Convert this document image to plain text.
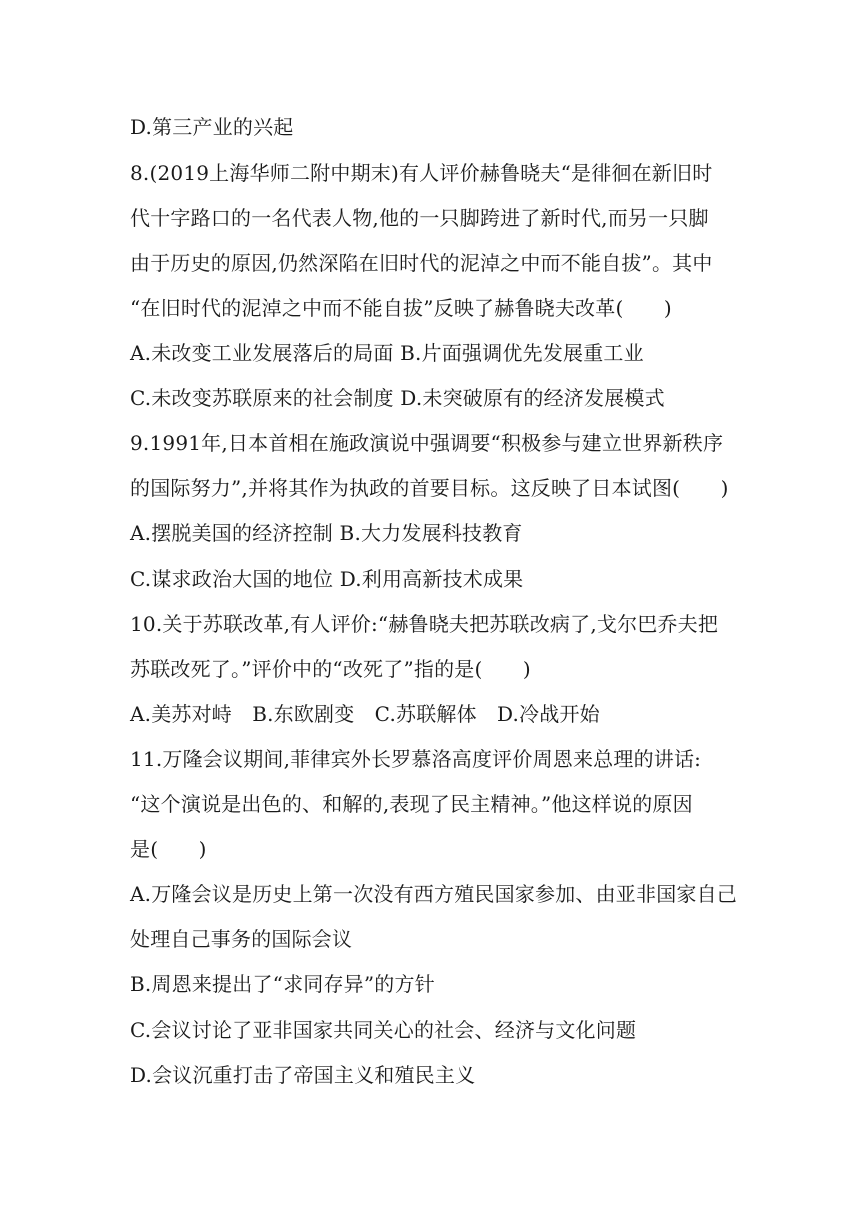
D.第三产业的兴起
8.(2019上海华师二附中期末)有人评价赫鲁晓夫“是徘徊在新旧时
代十字路口的一名代表人物,他的一只脚跨进了新时代,而另一只脚
由于历史的原因,仍然深陷在旧时代的泥淖之中而不能自拔”。其中
“在旧时代的泥淖之中而不能自拔”反映了赫鲁晓夫改革(　　)
A.未改变工业发展落后的局面 B.片面强调优先发展重工业
C.未改变苏联原来的社会制度 D.未突破原有的经济发展模式
9.1991年,日本首相在施政演说中强调要“积极参与建立世界新秩序
的国际努力”,并将其作为执政的首要目标。这反映了日本试图(　　)
A.摆脱美国的经济控制 B.大力发展科技教育
C.谋求政治大国的地位 D.利用高新技术成果
10.关于苏联改革,有人评价:“赫鲁晓夫把苏联改病了,戈尔巴乔夫把
苏联改死了。”评价中的“改死了”指的是(　　)
A.美苏对峙　B.东欧剧变　C.苏联解体　D.冷战开始
11.万隆会议期间,菲律宾外长罗慕洛高度评价周恩来总理的讲话:
“这个演说是出色的、和解的,表现了民主精神。”他这样说的原因
是(　　)
A.万隆会议是历史上第一次没有西方殖民国家参加、由亚非国家自己
处理自己事务的国际会议
B.周恩来提出了“求同存异”的方针
C.会议讨论了亚非国家共同关心的社会、经济与文化问题
D.会议沉重打击了帝国主义和殖民主义
